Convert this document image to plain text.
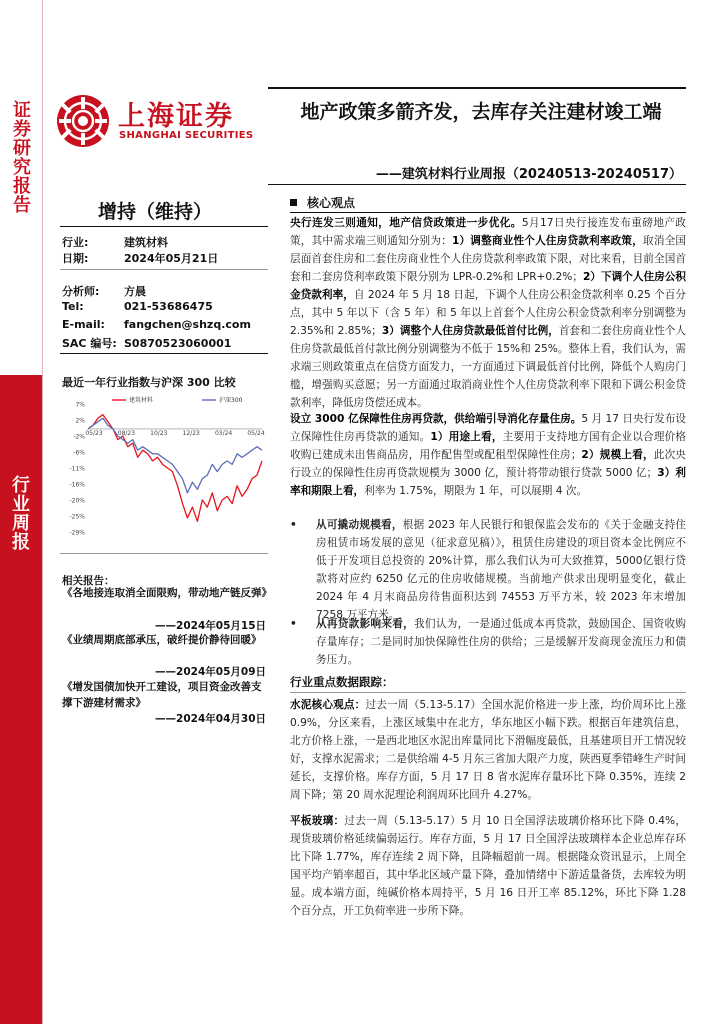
证券研究报告
行业周报
上海证券
SHANGHAI SECURITIES
地产政策多箭齐发，去库存关注建材竣工端
——建筑材料行业周报（20240513-20240517）
增持（维持）
行业:	建筑材料
日期:	2024年05月21日
分析师: 方晨
Tel:	021-53686475
E-mail: fangchen@shzq.com
SAC 编号: S0870523060001
最近一年行业指数与沪深 300 比较
7%
2%
-2%
-6%
-11%
-16%
-20%
-25%
-29%
05/23	08/23	10/23	12/23	03/24	05/24
建筑材料	沪深300
相关报告：
《各地接连取消全面限购，带动地产链反弹》
——2024年05月15日
《业绩周期底部承压，破纤提价静待回暖》
——2024年05月09日
《增发国债加快开工建设，项目资金改善支撑下游建材需求》
——2024年04月30日
核心观点
央行连发三则通知，地产信贷政策进一步优化。5月17日央行接连发布重磅地产政策，其中需求端三则通知分别为：1）调整商业性个人住房贷款利率政策，取消全国层面首套住房和二套住房商业性个人住房贷款利率政策下限，对比来看，目前全国首套和二套房贷利率政策下限分别为 LPR-0.2%和 LPR+0.2%；2）下调个人住房公积金贷款利率，自 2024 年 5 月 18 日起，下调个人住房公积金贷款利率 0.25 个百分点，其中 5 年以下（含 5 年）和 5 年以上首套个人住房公积金贷款利率分别调整为 2.35%和 2.85%；3）调整个人住房贷款最低首付比例，首套和二套住房商业性个人住房贷款最低首付款比例分别调整为不低于 15%和 25%。整体上看，我们认为，需求端三则政策重点在信贷方面发力，一方面通过下调最低首付比例，降低个人购房门槛，增强购买意愿；另一方面通过取消商业性个人住房贷款利率下限和下调公积金贷款利率，降低房贷偿还成本。
设立 3000 亿保障性住房再贷款，供给端引导消化存量住房。5 月 17 日央行发布设立保障性住房再贷款的通知。1）用途上看，主要用于支持地方国有企业以合理价格收购已建成未出售商品房，用作配售型或配租型保障性住房；2）规模上看，此次央行设立的保障性住房再贷款规模为 3000 亿，预计将带动银行贷款 5000 亿；3）利率和期限上看，利率为 1.75%，期限为 1 年，可以展期 4 次。
• 从可撬动规模看，根据 2023 年人民银行和银保监会发布的《关于金融支持住房租赁市场发展的意见（征求意见稿）》，租赁住房建设的项目资本金比例应不低于开发项目总投资的 20%计算，那么我们认为可大致推算，5000亿银行贷款将对应约 6250 亿元的住房收储规模。当前地产供求出现明显变化，截止 2024 年 4 月末商品房待售面积达到 74553 万平方米，较 2023 年末增加 7258 万平方米。
• 从再贷款影响来看，我们认为，一是通过低成本再贷款，鼓励国企、国资收购存量库存；二是同时加快保障性住房的供给；三是缓解开发商现金流压力和债务压力。
行业重点数据跟踪：
水泥核心观点：过去一周（5.13-5.17）全国水泥价格进一步上涨，均价周环比上涨 0.9%，分区来看，上涨区域集中在北方，华东地区小幅下跌。根据百年建筑信息，北方价格上涨，一是西北地区水泥出库量同比下滑幅度最低，且基建项目开工情况较好，支撑水泥需求；二是供给端 4-5 月东三省加大限产力度，陕西夏季错峰生产时间延长，支撑价格。库存方面，5 月 17 日 8 省水泥库存量环比下降 0.35%，连续 2 周下降；第 20 周水泥理论利润周环比回升 4.27%。
平板玻璃：过去一周（5.13-5.17）5 月 10 日全国浮法玻璃价格环比下降 0.4%，现货玻璃价格延续偏弱运行。库存方面，5 月 17 日全国浮法玻璃样本企业总库存环比下降 1.77%，库存连续 2 周下降，且降幅超前一周。根据隆众资讯显示，上周全国平均产销率超百，其中华北区域产量下降，叠加情绪中下游适量备货，去库较为明显。成本端方面，纯碱价格本周持平，5 月 16 日开工率 85.12%，环比下降 1.28 个百分点，开工负荷率进一步所下降。
